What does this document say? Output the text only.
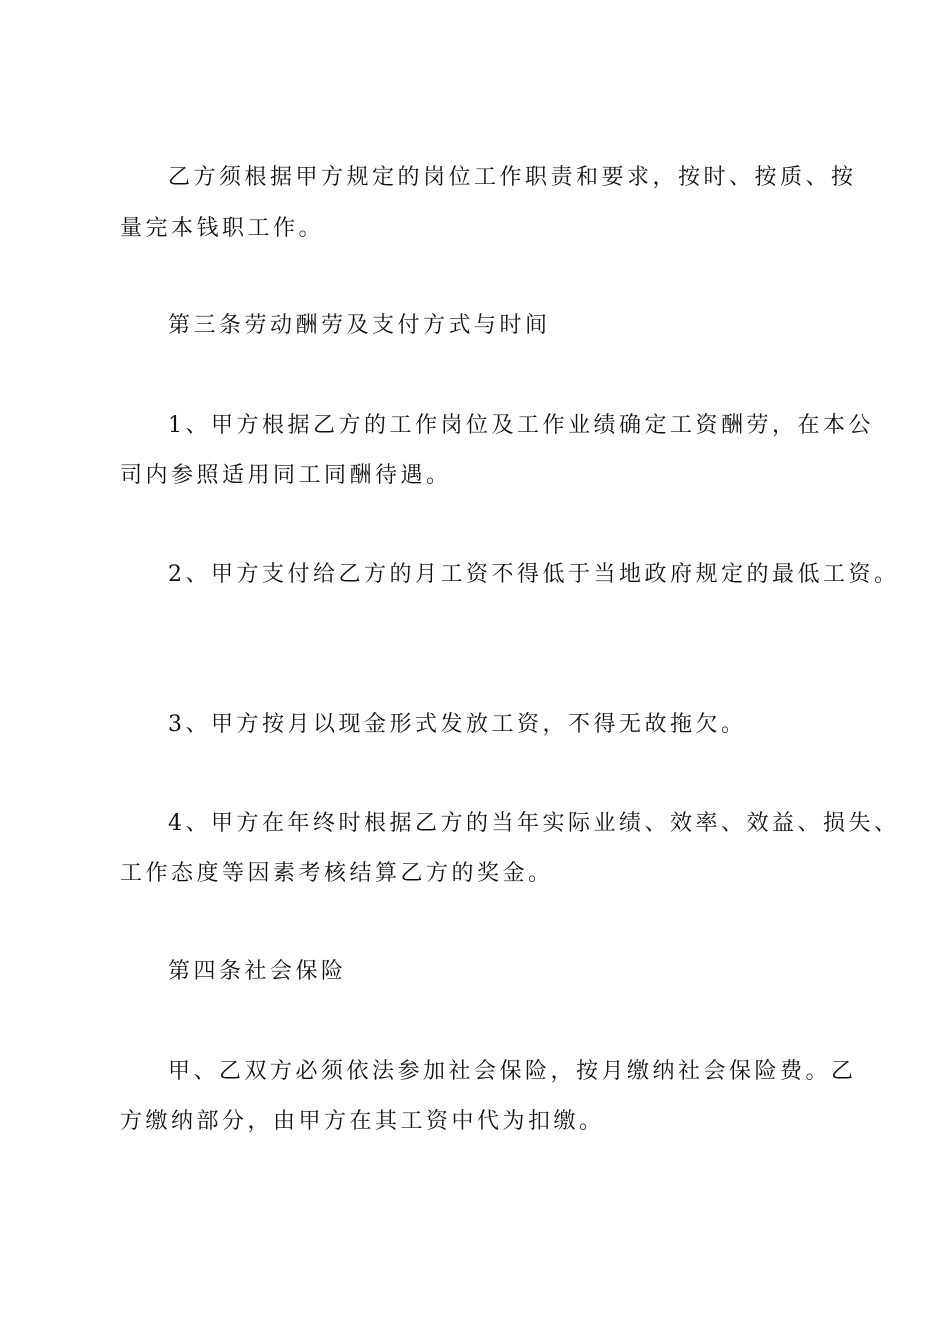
乙方须根据甲方规定的岗位工作职责和要求，按时、按质、按
量完本钱职工作。
第三条劳动酬劳及支付方式与时间
1、甲方根据乙方的工作岗位及工作业绩确定工资酬劳，在本公
司内参照适用同工同酬待遇。
2、甲方支付给乙方的月工资不得低于当地政府规定的最低工资。
3、甲方按月以现金形式发放工资，不得无故拖欠。
4、甲方在年终时根据乙方的当年实际业绩、效率、效益、损失、
工作态度等因素考核结算乙方的奖金。
第四条社会保险
甲、乙双方必须依法参加社会保险，按月缴纳社会保险费。乙
方缴纳部分，由甲方在其工资中代为扣缴。
